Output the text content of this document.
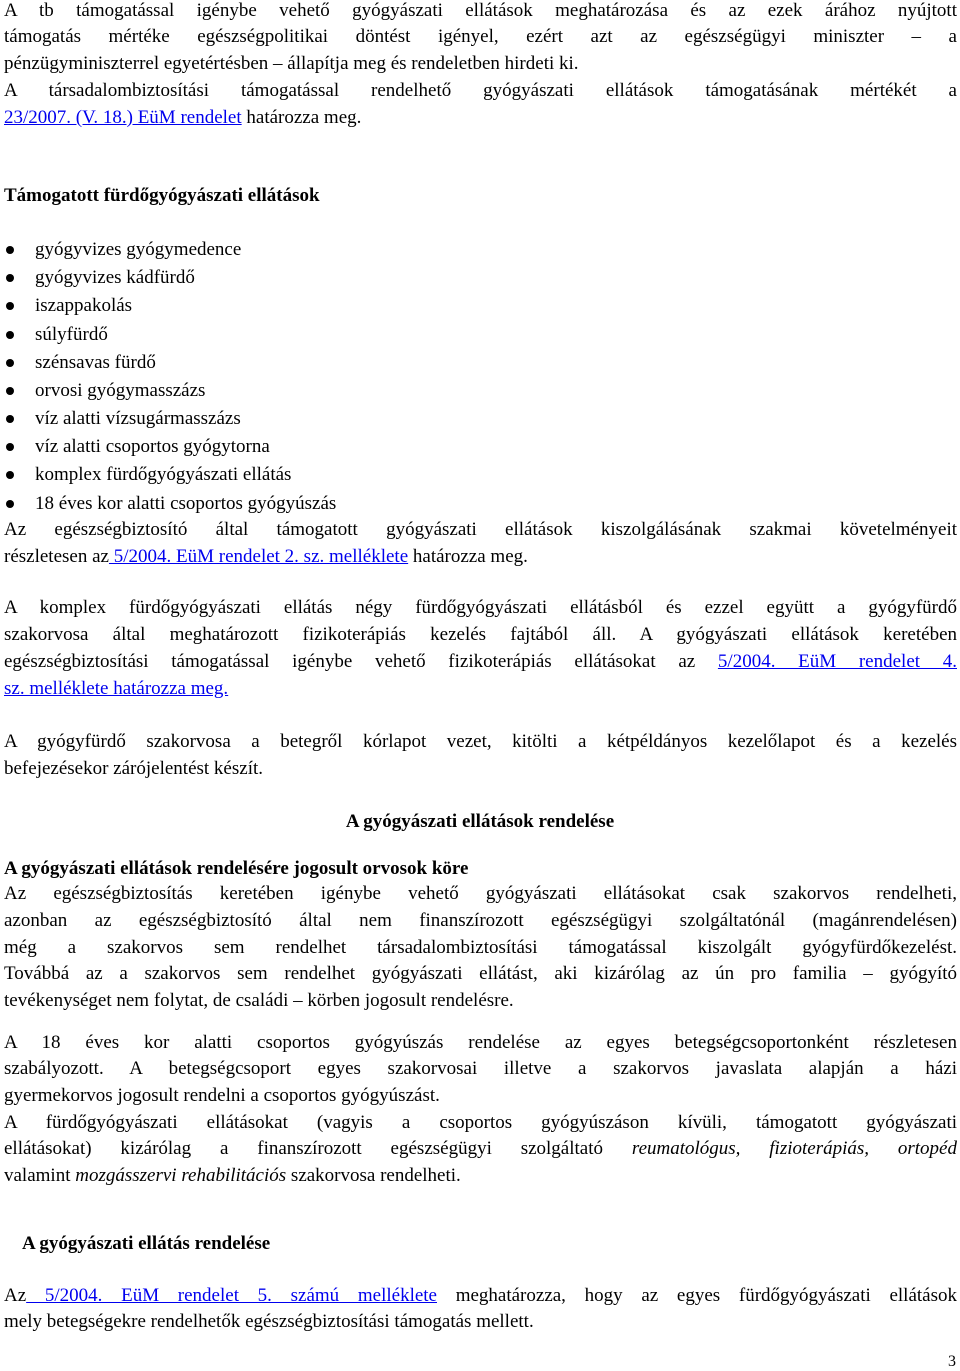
A tb támogatással igénybe vehető gyógyászati ellátások meghatározása és az ezek árához nyújtott
támogatás mértéke egészségpolitikai döntést igényel, ezért azt az egészségügyi miniszter – a
pénzügyminiszterrel egyetértésben – állapítja meg és rendeletben hirdeti ki.
A társadalombiztosítási támogatással rendelhető gyógyászati ellátások támogatásának mértékét a
23/2007. (V. 18.) EüM rendelet határozza meg.
Támogatott fürdőgyógyászati ellátások
gyógyvizes gyógymedence
gyógyvizes kádfürdő
iszappakolás
súlyfürdő
szénsavas fürdő
orvosi gyógymasszázs
víz alatti vízsugármasszázs
víz alatti csoportos gyógytorna
komplex fürdőgyógyászati ellátás
18 éves kor alatti csoportos gyógyúszás
Az egészségbiztosító által támogatott gyógyászati ellátások kiszolgálásának szakmai követelményeit
részletesen az 5/2004. EüM rendelet 2. sz. melléklete határozza meg.
A komplex fürdőgyógyászati ellátás négy fürdőgyógyászati ellátásból és ezzel együtt a gyógyfürdő
szakorvosa által meghatározott fizikoterápiás kezelés fajtából áll. A gyógyászati ellátások keretében
egészségbiztosítási támogatással igénybe vehető fizikoterápiás ellátásokat az 5/2004. EüM rendelet 4.
sz. melléklete határozza meg.
A gyógyfürdő szakorvosa a betegről kórlapot vezet, kitölti a kétpéldányos kezelőlapot és a kezelés
befejezésekor zárójelentést készít.
A gyógyászati ellátások rendelése
A gyógyászati ellátások rendelésére jogosult orvosok köre
Az egészségbiztosítás keretében igénybe vehető gyógyászati ellátásokat csak szakorvos rendelheti,
azonban az egészségbiztosító által nem finanszírozott egészségügyi szolgáltatónál (magánrendelésen)
még a szakorvos sem rendelhet társadalombiztosítási támogatással kiszolgált gyógyfürdőkezelést.
Továbbá az a szakorvos sem rendelhet gyógyászati ellátást, aki kizárólag az ún pro familia – gyógyító
tevékenységet nem folytat, de családi – körben jogosult rendelésre.
A 18 éves kor alatti csoportos gyógyúszás rendelése az egyes betegségcsoportonként részletesen
szabályozott. A betegségcsoport egyes szakorvosai illetve a szakorvos javaslata alapján a házi
gyermekorvos jogosult rendelni a csoportos gyógyúszást.
A fürdőgyógyászati ellátásokat (vagyis a csoportos gyógyúszáson kívüli, támogatott gyógyászati
ellátásokat) kizárólag a finanszírozott egészségügyi szolgáltató reumatológus, fizioterápiás, ortopéd
valamint mozgásszervi rehabilitációs szakorvosa rendelheti.
A gyógyászati ellátás rendelése
Az 5/2004. EüM rendelet 5. számú melléklete meghatározza, hogy az egyes fürdőgyógyászati ellátások
mely betegségekre rendelhetők egészségbiztosítási támogatás mellett.
3
